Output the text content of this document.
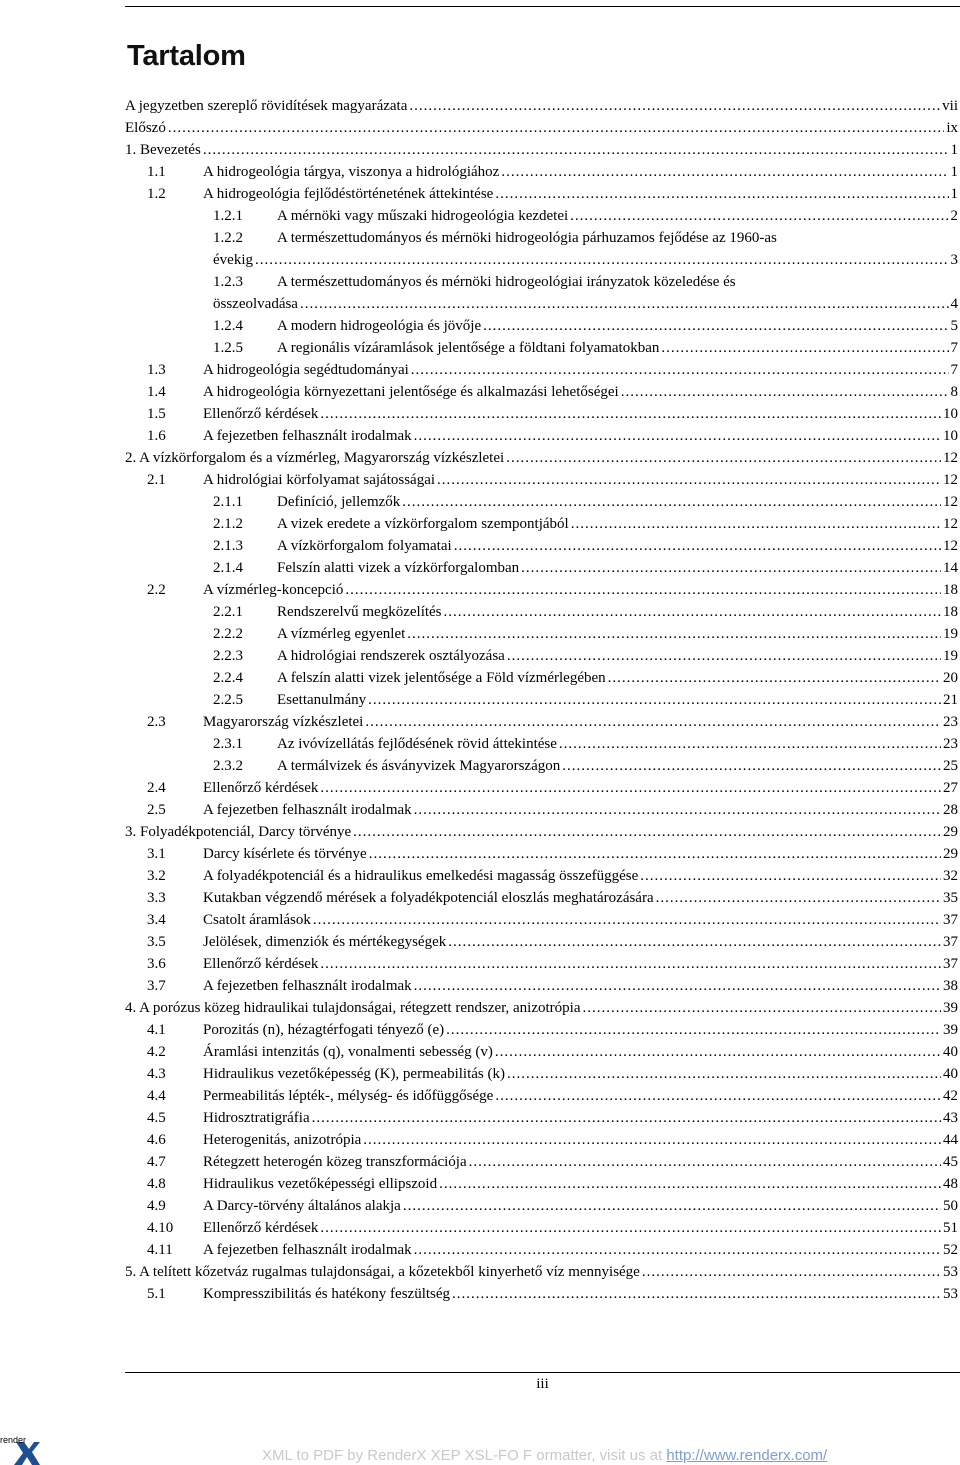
Tartalom
A jegyzetben szereplő rövidítések magyarázata .....	vii
Előszó .....	ix
1. Bevezetés .....	1
1.1 A hidrogeológia tárgya, viszonya a hidrológiához .....	1
1.2 A hidrogeológia fejlődéstörténetének áttekintése .....	1
1.2.1 A mérnöki vagy műszaki hidrogeológia kezdetei .....	2
1.2.2 A természettudományos és mérnöki hidrogeológia párhuzamos fejődése az 1960-as
évekig .....	3
1.2.3 A természettudományos és mérnöki hidrogeológiai irányzatok közeledése és
összeolvadása .....	4
1.2.4 A modern hidrogeológia és jövője .....	5
1.2.5 A regionális vízáramlások jelentősége a földtani folyamatokban .....	7
1.3 A hidrogeológia segédtudományai .....	7
1.4 A hidrogeológia környezettani jelentősége és alkalmazási lehetőségei .....	8
1.5 Ellenőrző kérdések .....	10
1.6 A fejezetben felhasznált irodalmak .....	10
2. A vízkörforgalom és a vízmérleg, Magyarország vízkészletei .....	12
2.1 A hidrológiai körfolyamat sajátosságai .....	12
2.1.1 Definíció, jellemzők .....	12
2.1.2 A vizek eredete a vízkörforgalom szempontjából .....	12
2.1.3 A vízkörforgalom folyamatai .....	12
2.1.4 Felszín alatti vizek a vízkörforgalomban .....	14
2.2 A vízmérleg-koncepció .....	18
2.2.1 Rendszerelvű megközelítés .....	18
2.2.2 A vízmérleg egyenlet .....	19
2.2.3 A hidrológiai rendszerek osztályozása .....	19
2.2.4 A felszín alatti vizek jelentősége a Föld vízmérlegében .....	20
2.2.5 Esettanulmány .....	21
2.3 Magyarország vízkészletei .....	23
2.3.1 Az ivóvízellátás fejlődésének rövid áttekintése .....	23
2.3.2 A termálvizek és ásványvizek Magyarországon .....	25
2.4 Ellenőrző kérdések .....	27
2.5 A fejezetben felhasznált irodalmak .....	28
3. Folyadékpotenciál, Darcy törvénye .....	29
3.1 Darcy kísérlete és törvénye .....	29
3.2 A folyadékpotenciál és a hidraulikus emelkedési magasság összefüggése .....	32
3.3 Kutakban végzendő mérések a folyadékpotenciál eloszlás meghatározására .....	35
3.4 Csatolt áramlások .....	37
3.5 Jelölések, dimenziók és mértékegységek .....	37
3.6 Ellenőrző kérdések .....	37
3.7 A fejezetben felhasznált irodalmak .....	38
4. A porózus közeg hidraulikai tulajdonságai, rétegzett rendszer, anizotrópia .....	39
4.1 Porozitás (n), hézagtérfogati tényező (e) .....	39
4.2 Áramlási intenzitás (q), vonalmenti sebesség (v) .....	40
4.3 Hidraulikus vezetőképesség (K), permeabilitás (k) .....	40
4.4 Permeabilitás lépték-, mélység- és időfüggősége .....	42
4.5 Hidrosztratigráfia .....	43
4.6 Heterogenitás, anizotrópia .....	44
4.7 Rétegzett heterogén közeg transzformációja .....	45
4.8 Hidraulikus vezetőképességi ellipszoid .....	48
4.9 A Darcy-törvény általános alakja .....	50
4.10 Ellenőrző kérdések .....	51
4.11 A fejezetben felhasznált irodalmak .....	52
5. A telített kőzetváz rugalmas tulajdonságai, a kőzetekből kinyerhető víz mennyisége .....	53
5.1 Kompresszibilitás és hatékony feszültség .....	53
iii
render
XML to PDF by RenderX XEP XSL-FO F ormatter, visit us at http://www.renderx.com/
